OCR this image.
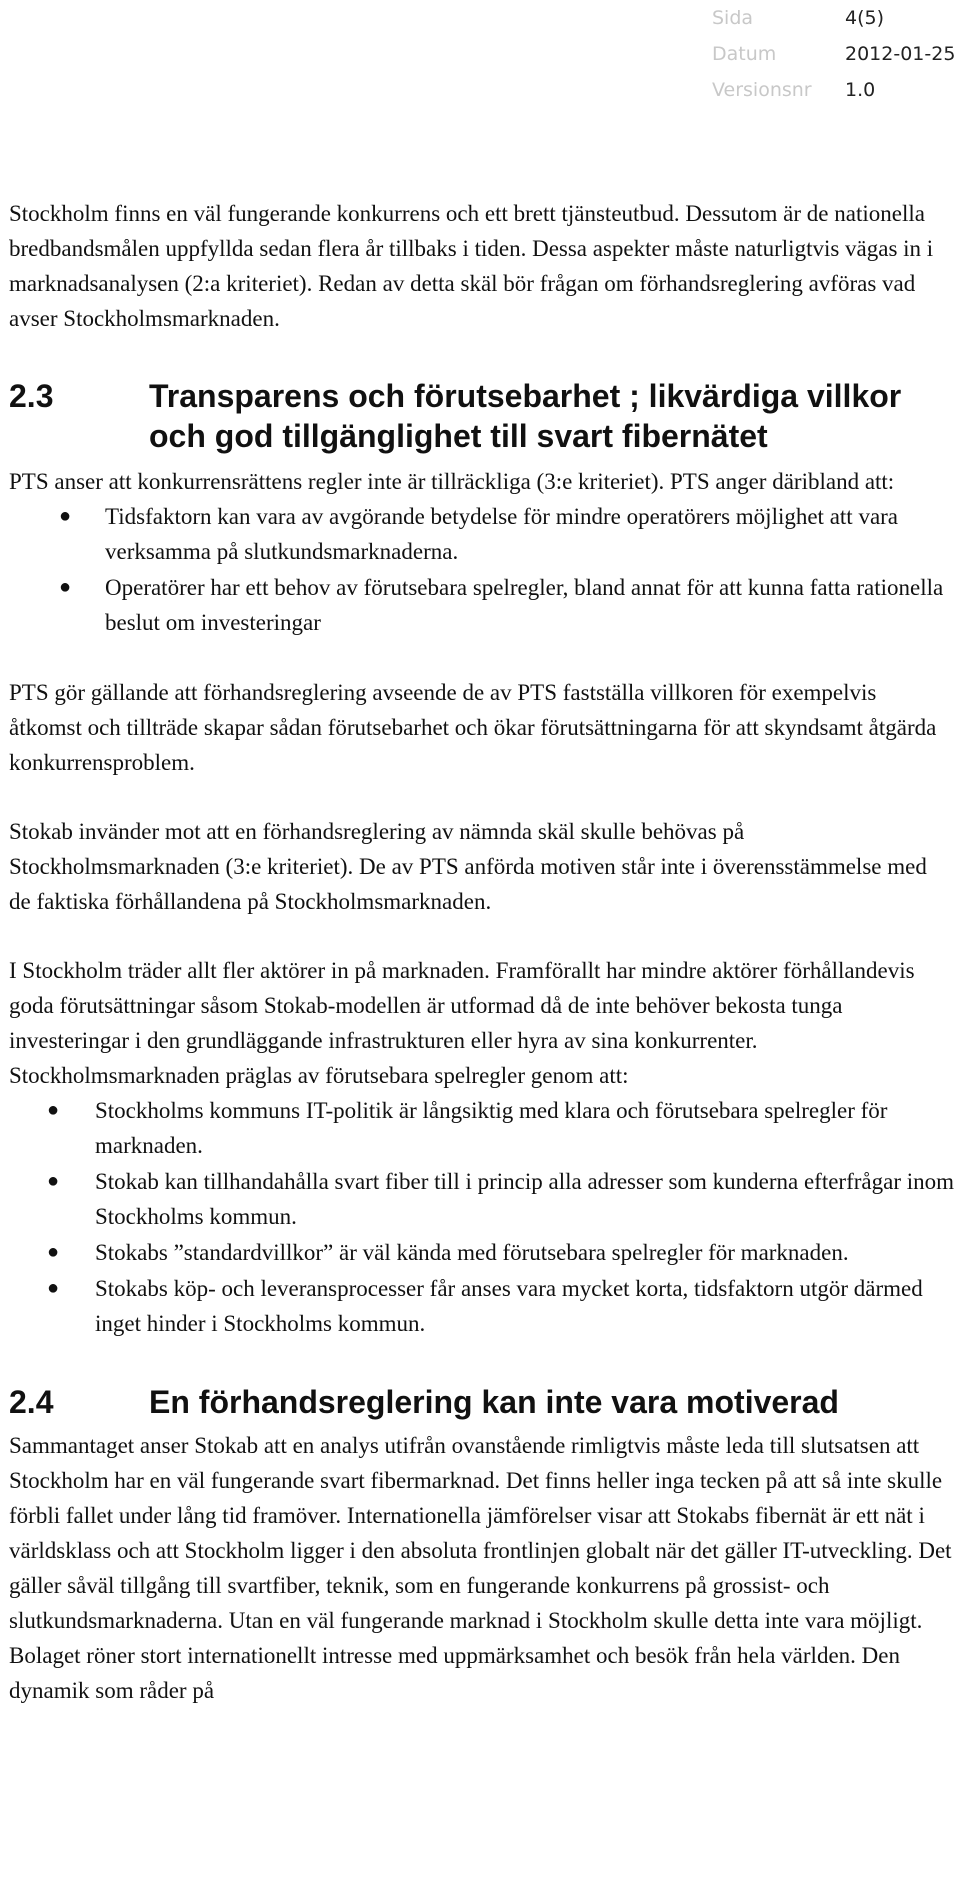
Sida	4(5)
Datum	2012-01-25
Versionsnr	1.0

Stockholm finns en väl fungerande konkurrens och ett brett tjänsteutbud. Dessutom är de nationella bredbandsmålen uppfyllda sedan flera år tillbaks i tiden. Dessa aspekter måste naturligtvis vägas in i marknadsanalysen (2:a kriteriet). Redan av detta skäl bör frågan om förhandsreglering avföras vad avser Stockholmsmarknaden.

2.3	Transparens och förutsebarhet ; likvärdiga villkor och god tillgänglighet till svart fibernätet

PTS anser att konkurrensrättens regler inte är tillräckliga (3:e kriteriet). PTS anger däribland att:

●	Tidsfaktorn kan vara av avgörande betydelse för mindre operatörers möjlighet att vara verksamma på slutkundsmarknaderna.
●	Operatörer har ett behov av förutsebara spelregler, bland annat för att kunna fatta rationella beslut om investeringar

PTS gör gällande att förhandsreglering avseende de av PTS fastställa villkoren för exempelvis åtkomst och tillträde skapar sådan förutsebarhet och ökar förutsättningarna för att skyndsamt åtgärda konkurrensproblem.

Stokab invänder mot att en förhandsreglering av nämnda skäl skulle behövas på Stockholmsmarknaden (3:e kriteriet). De av PTS anförda motiven står inte i överensstämmelse med de faktiska förhållandena på Stockholmsmarknaden.

I Stockholm träder allt fler aktörer in på marknaden. Framförallt har mindre aktörer förhållandevis goda förutsättningar såsom Stokab-modellen är utformad då de inte behöver bekosta tunga investeringar i den grundläggande infrastrukturen eller hyra av sina konkurrenter. Stockholmsmarknaden präglas av förutsebara spelregler genom att:

●	Stockholms kommuns IT-politik är långsiktig med klara och förutsebara spelregler för marknaden.
●	Stokab kan tillhandahålla svart fiber till i princip alla adresser som kunderna efterfrågar inom Stockholms kommun.
●	Stokabs ”standardvillkor” är väl kända med förutsebara spelregler för marknaden.
●	Stokabs köp- och leveransprocesser får anses vara mycket korta, tidsfaktorn utgör därmed inget hinder i Stockholms kommun.
2.4	En förhandsreglering kan inte vara motiverad

Sammantaget anser Stokab att en analys utifrån ovanstående rimligtvis måste leda till slutsatsen att Stockholm har en väl fungerande svart fibermarknad. Det finns heller inga tecken på att så inte skulle förbli fallet under lång tid framöver. Internationella jämförelser visar att Stokabs fibernät är ett nät i världsklass och att Stockholm ligger i den absoluta frontlinjen globalt när det gäller IT-utveckling. Det gäller såväl tillgång till svartfiber, teknik, som en fungerande konkurrens på grossist- och slutkundsmarknaderna. Utan en väl fungerande marknad i Stockholm skulle detta inte vara möjligt. Bolaget röner stort internationellt intresse med uppmärksamhet och besök från hela världen. Den dynamik som råder på
